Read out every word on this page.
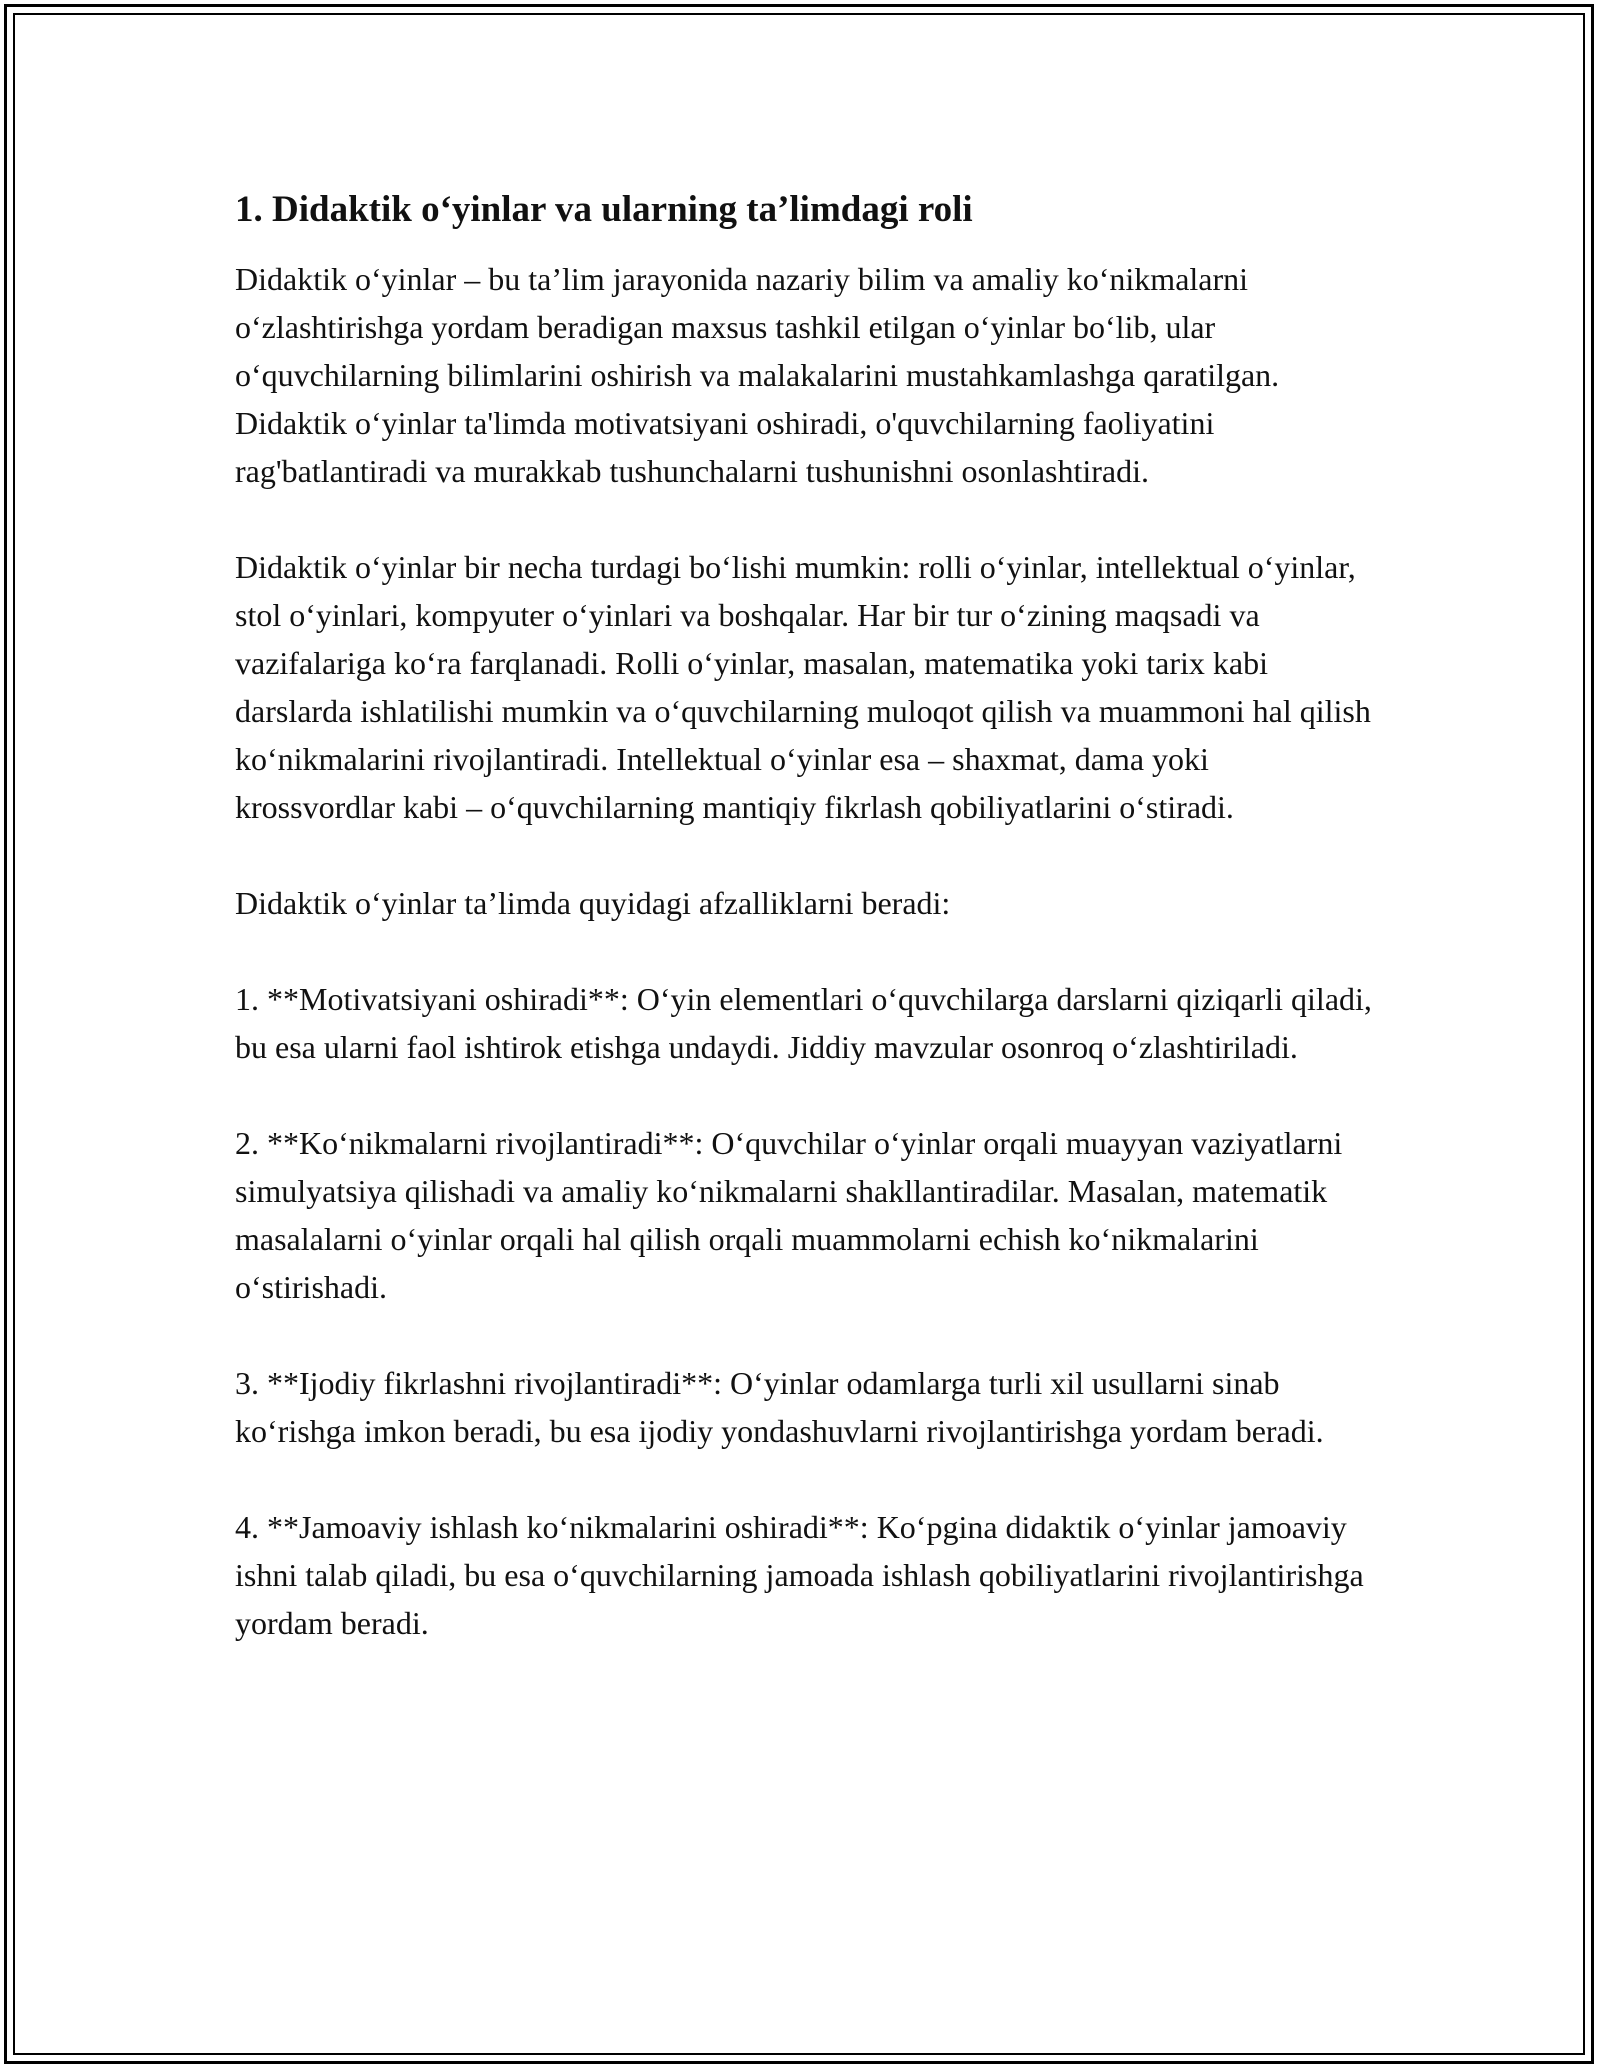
1. Didaktik o‘yinlar va ularning ta’limdagi roli

Didaktik o‘yinlar – bu ta’lim jarayonida nazariy bilim va amaliy ko‘nikmalarni o‘zlashtirishga yordam beradigan maxsus tashkil etilgan o‘yinlar bo‘lib, ular o‘quvchilarning bilimlarini oshirish va malakalarini mustahkamlashga qaratilgan. Didaktik o‘yinlar ta'limda motivatsiyani oshiradi, o'quvchilarning faoliyatini rag'batlantiradi va murakkab tushunchalarni tushunishni osonlashtiradi.

Didaktik o‘yinlar bir necha turdagi bo‘lishi mumkin: rolli o‘yinlar, intellektual o‘yinlar, stol o‘yinlari, kompyuter o‘yinlari va boshqalar. Har bir tur o‘zining maqsadi va vazifalariga ko‘ra farqlanadi. Rolli o‘yinlar, masalan, matematika yoki tarix kabi darslarda ishlatilishi mumkin va o‘quvchilarning muloqot qilish va muammoni hal qilish ko‘nikmalarini rivojlantiradi. Intellektual o‘yinlar esa – shaxmat, dama yoki krossvordlar kabi – o‘quvchilarning mantiqiy fikrlash qobiliyatlarini o‘stiradi.

Didaktik o‘yinlar ta’limda quyidagi afzalliklarni beradi:

1. **Motivatsiyani oshiradi**: O‘yin elementlari o‘quvchilarga darslarni qiziqarli qiladi, bu esa ularni faol ishtirok etishga undaydi. Jiddiy mavzular osonroq o‘zlashtiriladi.

2. **Ko‘nikmalarni rivojlantiradi**: O‘quvchilar o‘yinlar orqali muayyan vaziyatlarni simulyatsiya qilishadi va amaliy ko‘nikmalarni shakllantiradilar. Masalan, matematik masalalarni o‘yinlar orqali hal qilish orqali muammolarni echish ko‘nikmalarini o‘stirishadi.

3. **Ijodiy fikrlashni rivojlantiradi**: O‘yinlar odamlarga turli xil usullarni sinab ko‘rishga imkon beradi, bu esa ijodiy yondashuvlarni rivojlantirishga yordam beradi.

4. **Jamoaviy ishlash ko‘nikmalarini oshiradi**: Ko‘pgina didaktik o‘yinlar jamoaviy ishni talab qiladi, bu esa o‘quvchilarning jamoada ishlash qobiliyatlarini rivojlantirishga yordam beradi.
